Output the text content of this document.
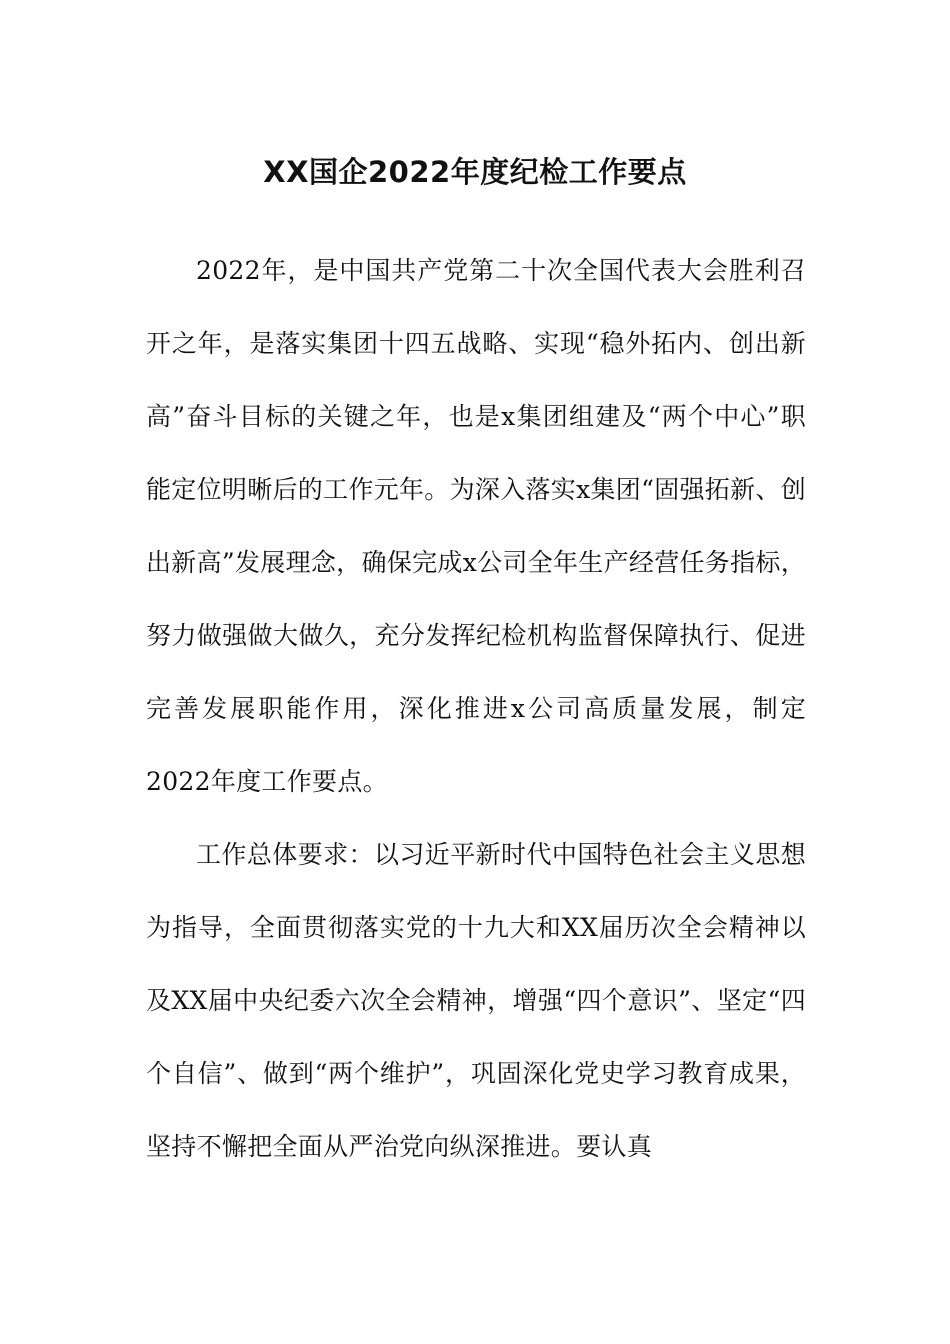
XX国企2022年度纪检工作要点

2022年，是中国共产党第二十次全国代表大会胜利召开之年，是落实集团十四五战略、实现“稳外拓内、创出新高”奋斗目标的关键之年，也是x集团组建及“两个中心”职能定位明晰后的工作元年。为深入落实x集团“固强拓新、创出新高”发展理念，确保完成x公司全年生产经营任务指标，努力做强做大做久，充分发挥纪检机构监督保障执行、促进完善发展职能作用，深化推进x公司高质量发展，制定2022年度工作要点。

工作总体要求：以习近平新时代中国特色社会主义思想为指导，全面贯彻落实党的十九大和XX届历次全会精神以及XX届中央纪委六次全会精神，增强“四个意识”、坚定“四个自信”、做到“两个维护”，巩固深化党史学习教育成果，坚持不懈把全面从严治党向纵深推进。要认真
